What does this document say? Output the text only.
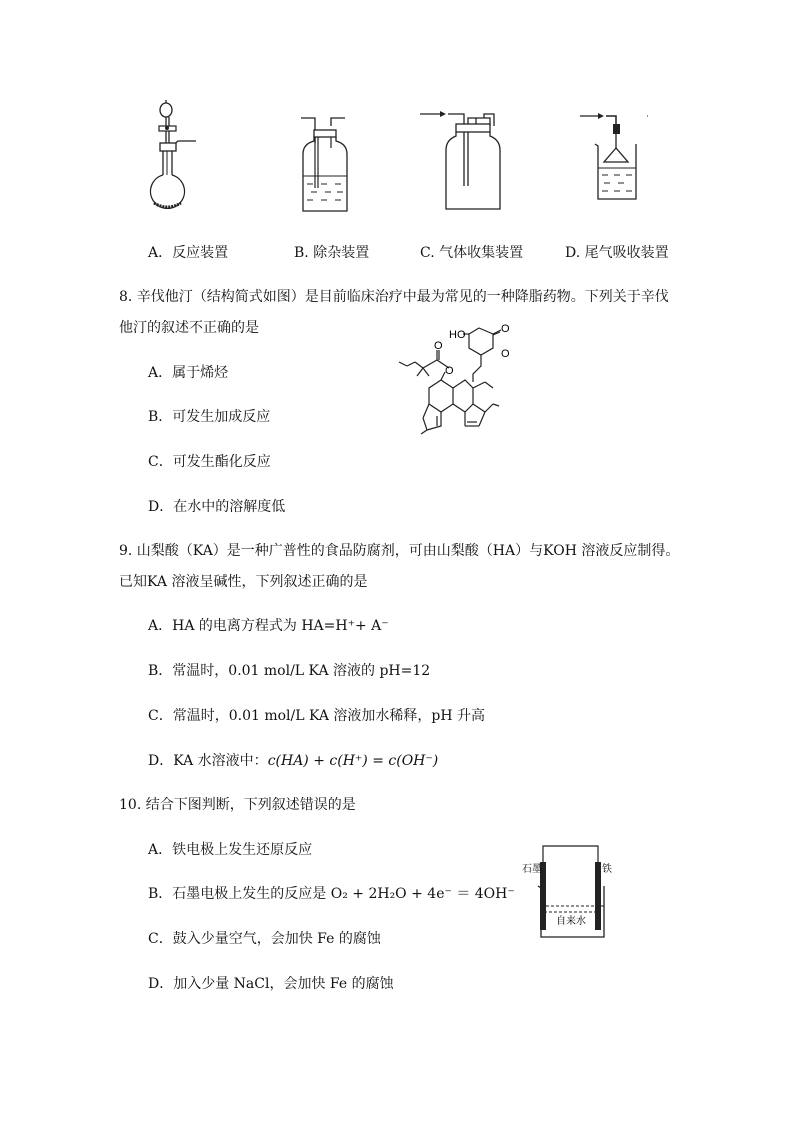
A．反应装置	B. 除杂装置	C. 气体收集装置	D. 尾气吸收装置
8. 辛伐他汀（结构简式如图）是目前临床治疗中最为常见的一种降脂药物。下列关于辛伐
他汀的叙述不正确的是
A．属于烯烃
B．可发生加成反应
C．可发生酯化反应
D．在水中的溶解度低
HO	O
O
O
O
9. 山梨酸（KA）是一种广普性的食品防腐剂，可由山梨酸（HA）与KOH 溶液反应制得。
已知KA 溶液呈碱性，下列叙述正确的是
A．HA 的电离方程式为 HA=H⁺+ A⁻
B．常温时，0.01 mol/L KA 溶液的 pH=12
C．常温时，0.01 mol/L KA 溶液加水稀释，pH 升高
D．KA 水溶液中：c(HA) + c(H⁺) = c(OH⁻)
10. 结合下图判断，下列叙述错误的是
A．铁电极上发生还原反应
B．石墨电极上发生的反应是 O₂ + 2H₂O + 4e⁻ ＝ 4OH⁻
C．鼓入少量空气，会加快 Fe 的腐蚀
D．加入少量 NaCl，会加快 Fe 的腐蚀
石墨	铁
自来水
